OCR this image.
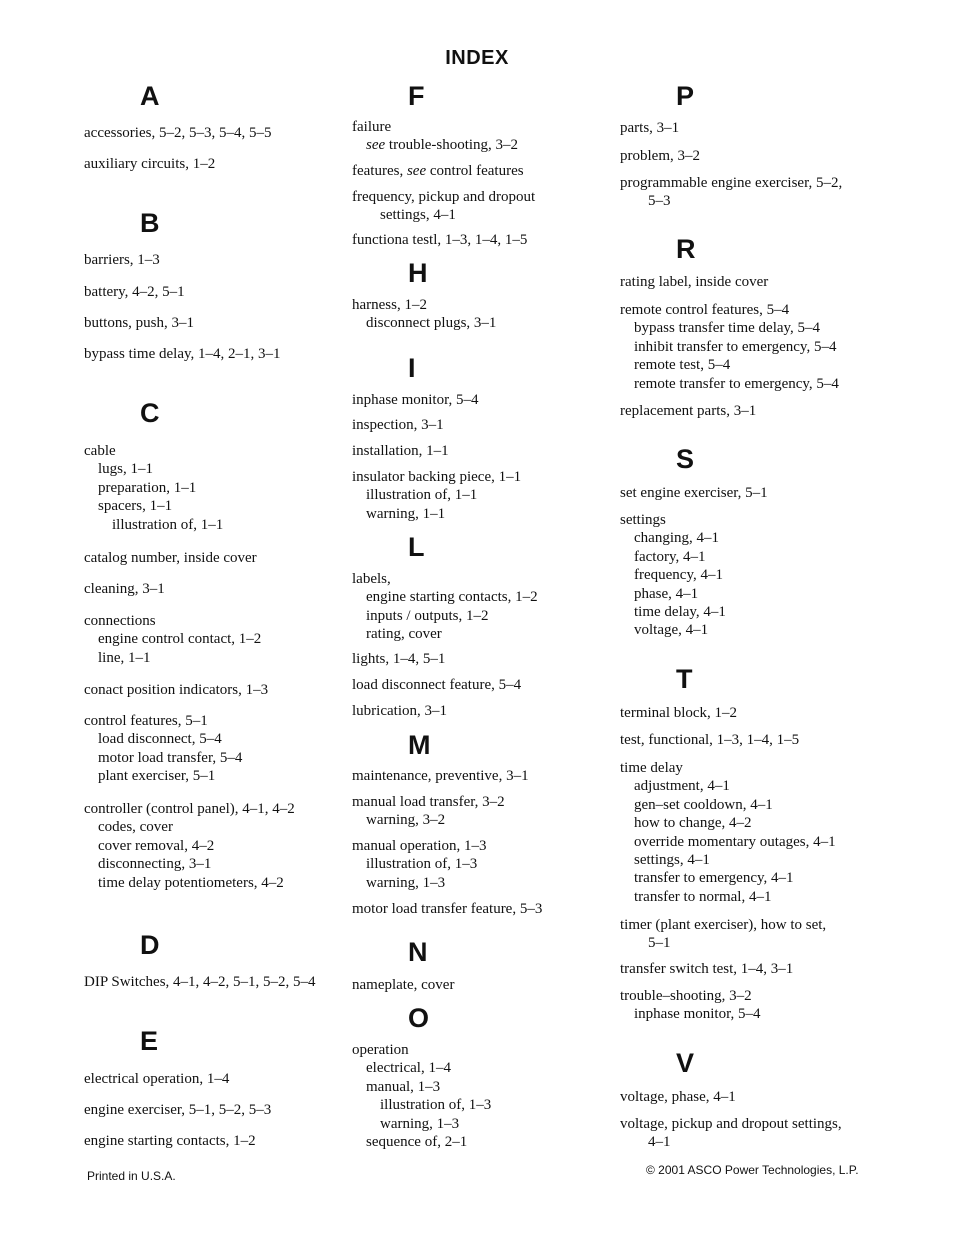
INDEX
A
accessories, 5–2, 5–3, 5–4, 5–5
auxiliary circuits, 1–2
B
barriers, 1–3
battery, 4–2, 5–1
buttons, push, 3–1
bypass time delay, 1–4, 2–1, 3–1
C
cable
lugs, 1–1
preparation, 1–1
spacers, 1–1
illustration of, 1–1
catalog number, inside cover
cleaning, 3–1
connections
engine control contact, 1–2
line, 1–1
conact position indicators, 1–3
control features, 5–1
load disconnect, 5–4
motor load transfer, 5–4
plant exerciser, 5–1
controller (control panel), 4–1, 4–2
codes, cover
cover removal, 4–2
disconnecting, 3–1
time delay potentiometers, 4–2
D
DIP Switches, 4–1, 4–2, 5–1, 5–2, 5–4
E
electrical operation, 1–4
engine exerciser, 5–1, 5–2, 5–3
engine starting contacts, 1–2
F
failure
see trouble-shooting, 3–2
features, see control features
frequency, pickup and dropout
settings, 4–1
functiona testl, 1–3, 1–4, 1–5
H
harness, 1–2
disconnect plugs, 3–1
I
inphase monitor, 5–4
inspection, 3–1
installation, 1–1
insulator backing piece, 1–1
illustration of, 1–1
warning, 1–1
L
labels,
engine starting contacts, 1–2
inputs / outputs, 1–2
rating, cover
lights, 1–4, 5–1
load disconnect feature, 5–4
lubrication, 3–1
M
maintenance, preventive, 3–1
manual load transfer, 3–2
warning, 3–2
manual operation, 1–3
illustration of, 1–3
warning, 1–3
motor load transfer feature, 5–3
N
nameplate, cover
O
operation
electrical, 1–4
manual, 1–3
illustration of, 1–3
warning, 1–3
sequence of, 2–1
P
parts, 3–1
problem, 3–2
programmable engine exerciser, 5–2,
5–3
R
rating label, inside cover
remote control features, 5–4
bypass transfer time delay, 5–4
inhibit transfer to emergency, 5–4
remote test, 5–4
remote transfer to emergency, 5–4
replacement parts, 3–1
S
set engine exerciser, 5–1
settings
changing, 4–1
factory, 4–1
frequency, 4–1
phase, 4–1
time delay, 4–1
voltage, 4–1
T
terminal block, 1–2
test, functional, 1–3, 1–4, 1–5
time delay
adjustment, 4–1
gen–set cooldown, 4–1
how to change, 4–2
override momentary outages, 4–1
settings, 4–1
transfer to emergency, 4–1
transfer to normal, 4–1
timer (plant exerciser), how to set,
5–1
transfer switch test, 1–4, 3–1
trouble–shooting, 3–2
inphase monitor, 5–4
V
voltage, phase, 4–1
voltage, pickup and dropout settings,
4–1
Printed in U.S.A.	© 2001 ASCO Power Technologies, L.P.
